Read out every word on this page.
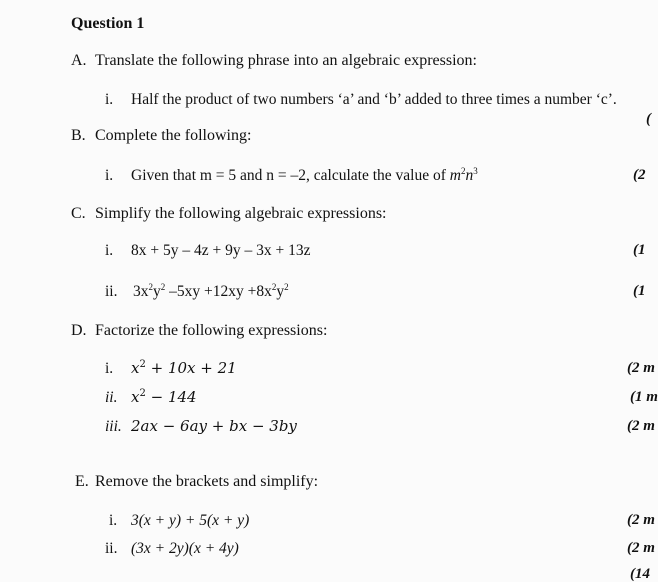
Question 1
A. Translate the following phrase into an algebraic expression:
i. Half the product of two numbers ‘a’ and ‘b’ added to three times a number ‘c’.
(
B. Complete the following:
i. Given that m = 5 and n = –2, calculate the value of $m^2n^3$	(2
C. Simplify the following algebraic expressions:
i. 8x + 5y – 4z + 9y – 3x + 13z	(1
ii. $3x^2y^2$ $-5xy +12xy +8x^2y^2$	(1
D. Factorize the following expressions:
i. $x^2 + 10x + 21$	(2 m
ii. $x^2 - 144$	(1 m
iii. 2ax − 6ay + bx − 3by	(2 m
E. Remove the brackets and simplify:
i. 3(x + y) + 5(x + y)	(2 m
ii. (3x + 2y)(x + 4y)	(2 m
(14
